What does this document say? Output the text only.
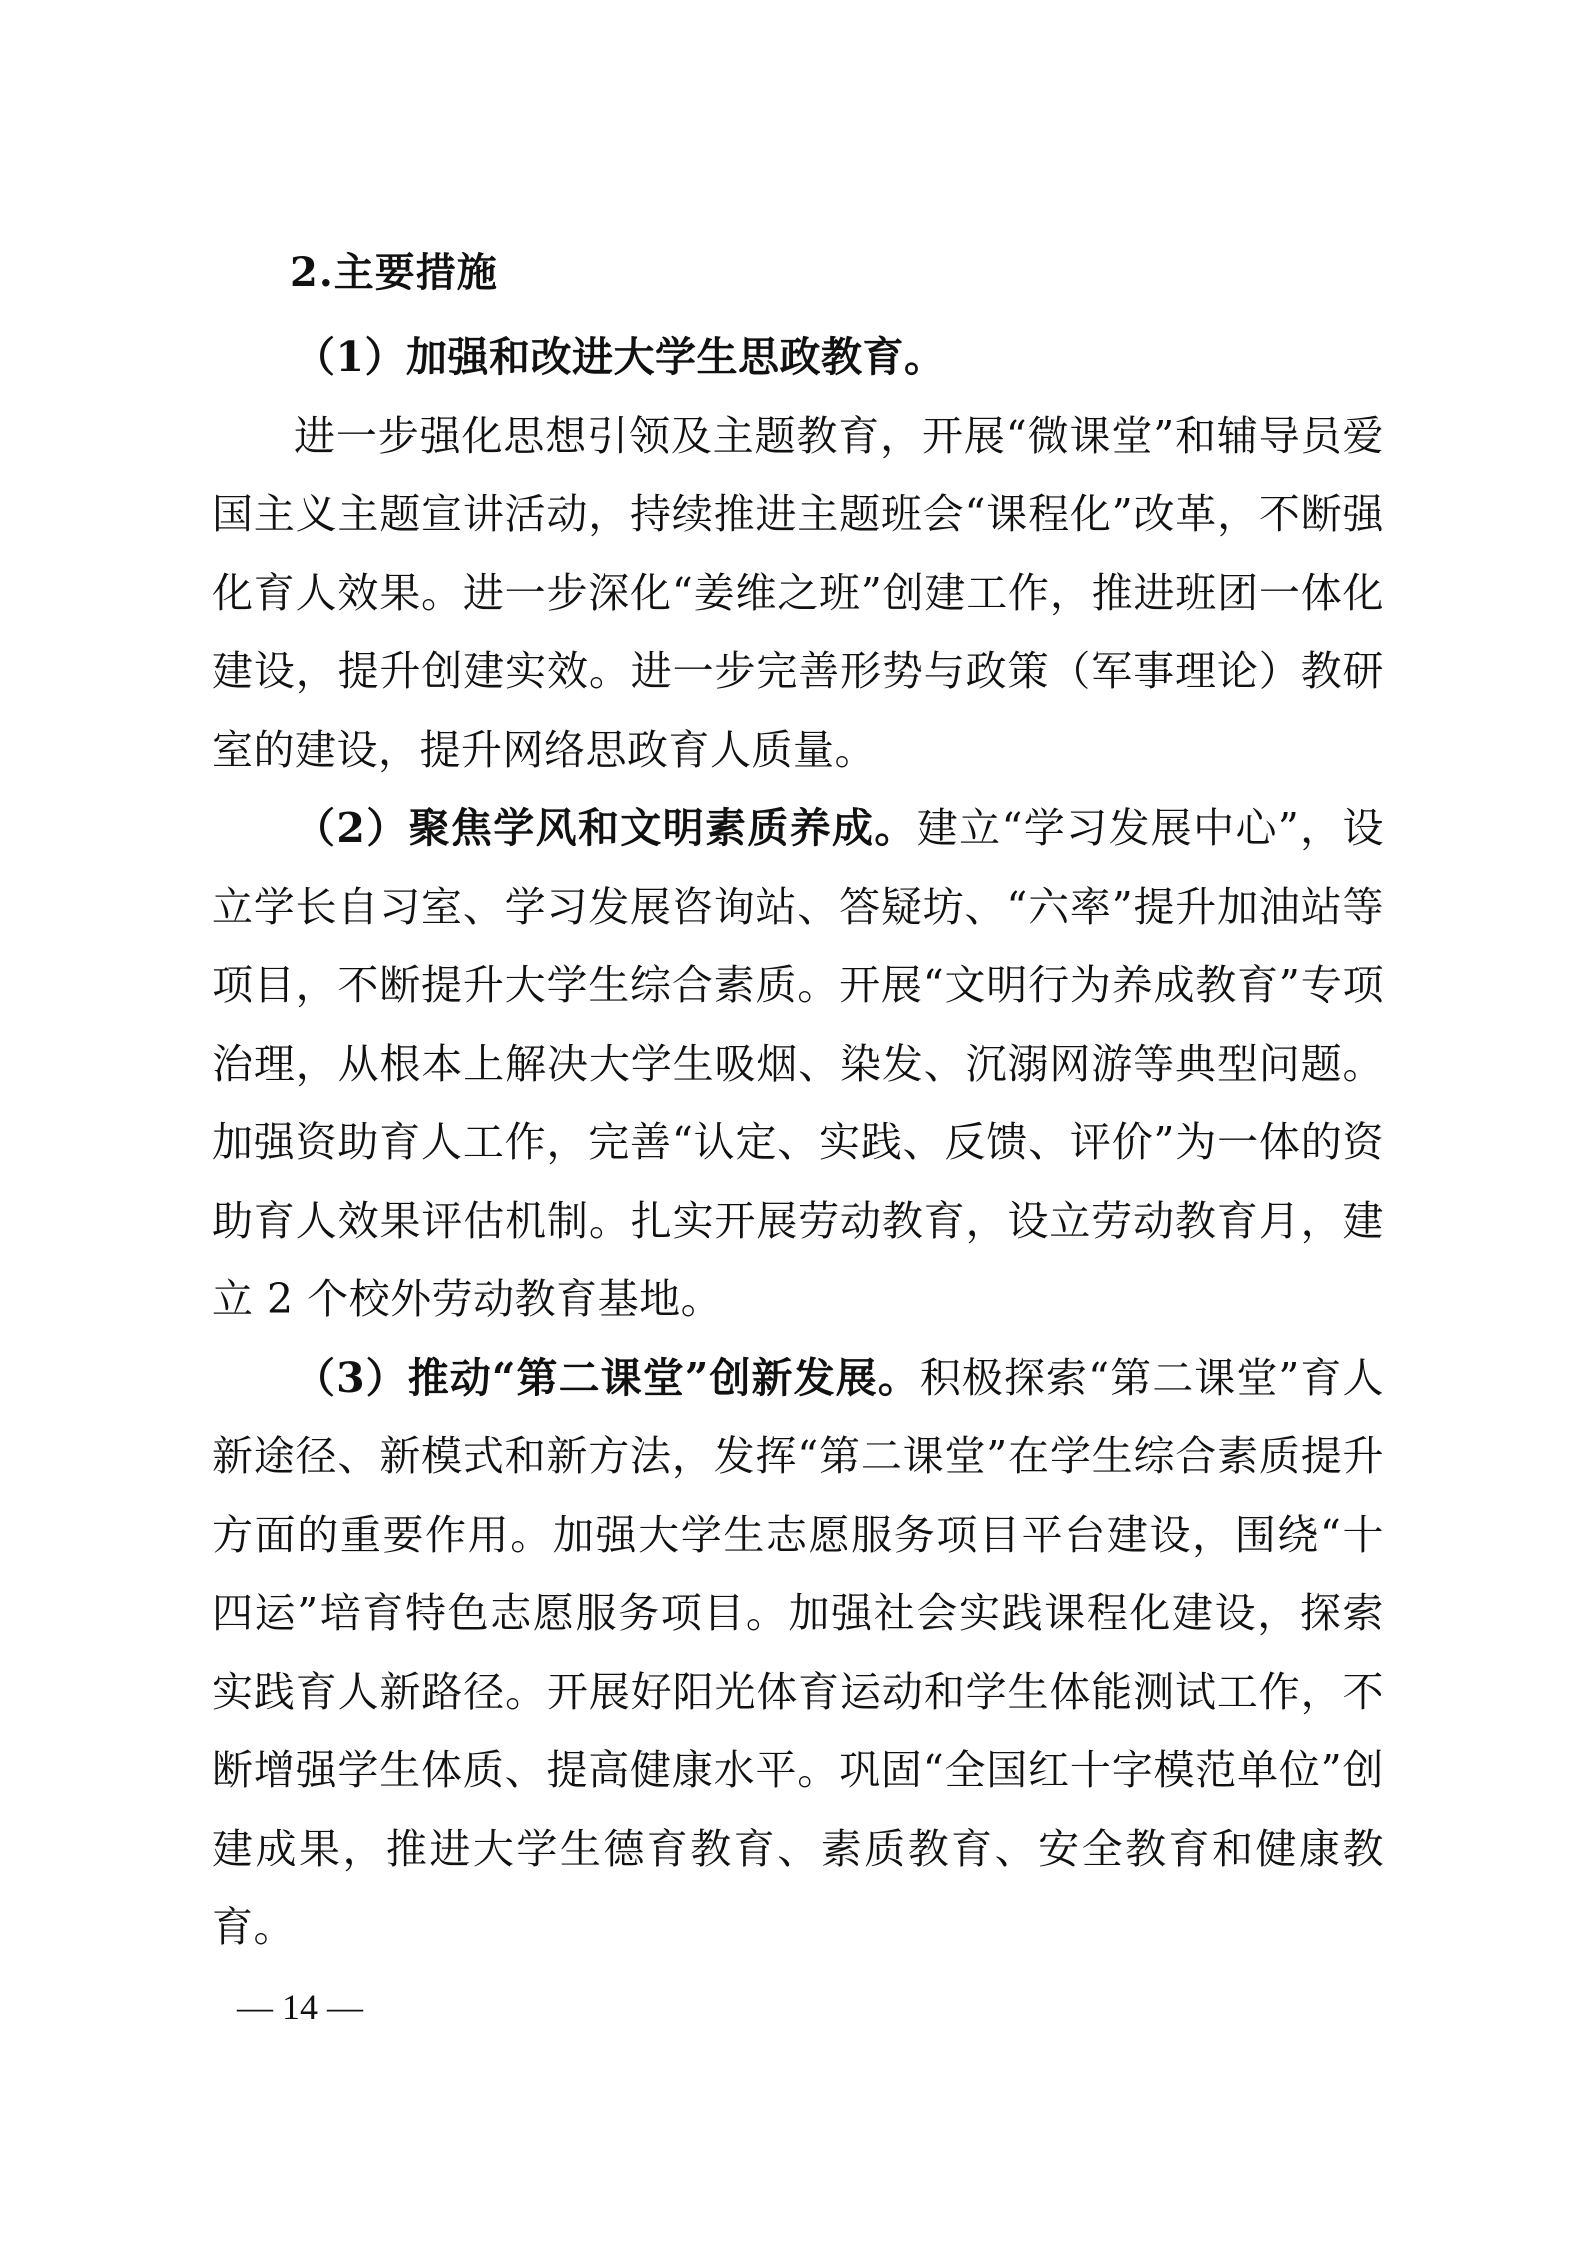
2.主要措施

（1）加强和改进大学生思政教育。

进一步强化思想引领及主题教育，开展“微课堂”和辅导员爱国主义主题宣讲活动，持续推进主题班会“课程化”改革，不断强化育人效果。进一步深化“姜维之班”创建工作，推进班团一体化建设，提升创建实效。进一步完善形势与政策（军事理论）教研室的建设，提升网络思政育人质量。

（2）聚焦学风和文明素质养成。建立“学习发展中心”，设立学长自习室、学习发展咨询站、答疑坊、“六率”提升加油站等项目，不断提升大学生综合素质。开展“文明行为养成教育”专项治理，从根本上解决大学生吸烟、染发、沉溺网游等典型问题。加强资助育人工作，完善“认定、实践、反馈、评价”为一体的资助育人效果评估机制。扎实开展劳动教育，设立劳动教育月，建立 2 个校外劳动教育基地。

（3）推动“第二课堂”创新发展。积极探索“第二课堂”育人新途径、新模式和新方法，发挥“第二课堂”在学生综合素质提升方面的重要作用。加强大学生志愿服务项目平台建设，围绕“十四运”培育特色志愿服务项目。加强社会实践课程化建设，探索实践育人新路径。开展好阳光体育运动和学生体能测试工作，不断增强学生体质、提高健康水平。巩固“全国红十字模范单位”创建成果，推进大学生德育教育、素质教育、安全教育和健康教育。

— 14 —
